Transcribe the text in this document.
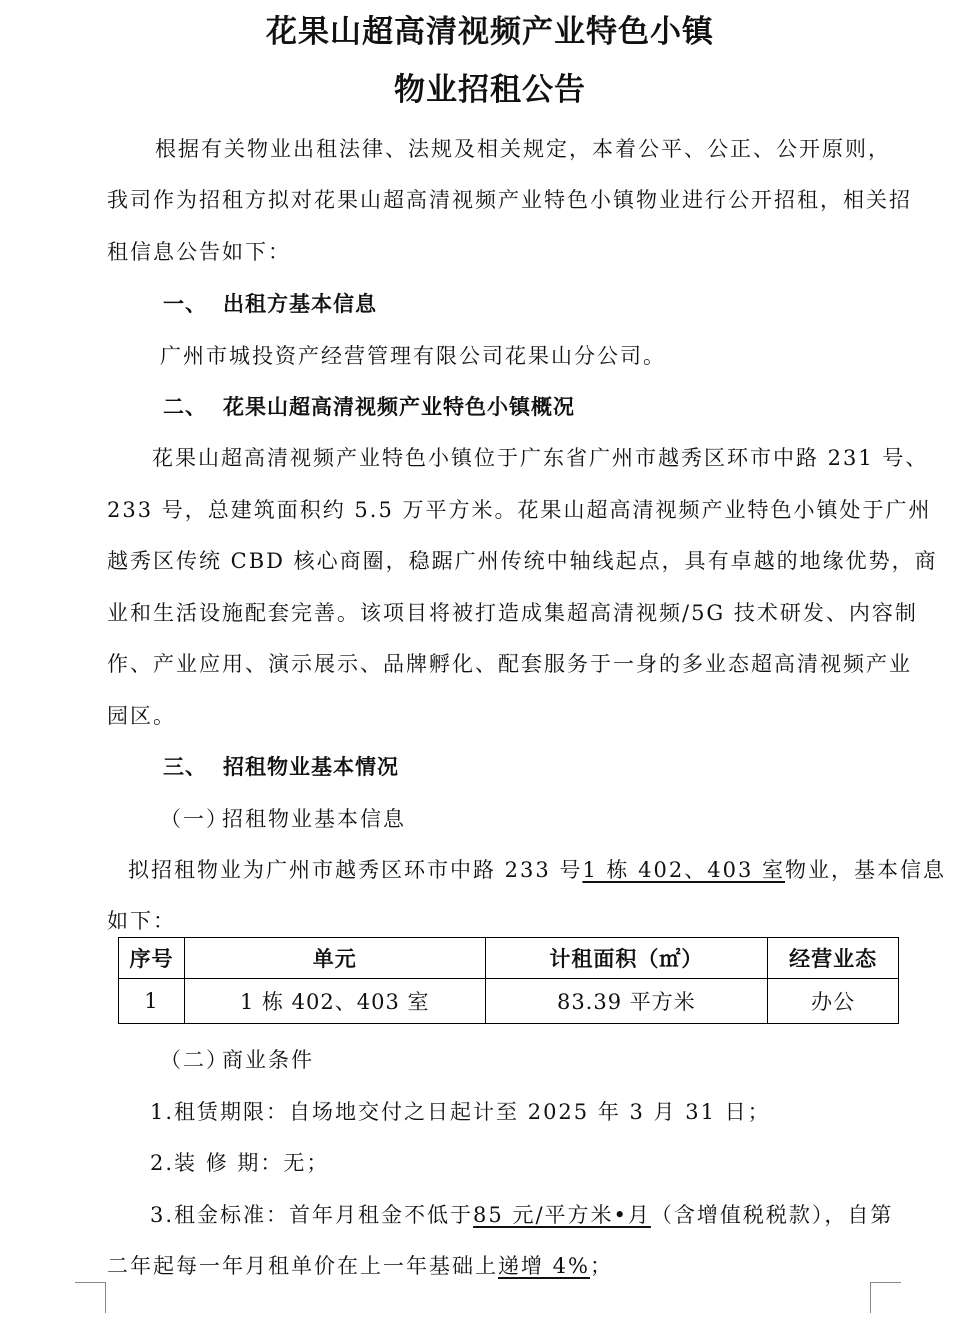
花果山超高清视频产业特色小镇
物业招租公告
根据有关物业出租法律、法规及相关规定，本着公平、公正、公开原则，
我司作为招租方拟对花果山超高清视频产业特色小镇物业进行公开招租，相关招
租信息公告如下：
一、 出租方基本信息
广州市城投资产经营管理有限公司花果山分公司。
二、 花果山超高清视频产业特色小镇概况
花果山超高清视频产业特色小镇位于广东省广州市越秀区环市中路 231 号、
233 号，总建筑面积约 5.5 万平方米。花果山超高清视频产业特色小镇处于广州
越秀区传统 CBD 核心商圈，稳踞广州传统中轴线起点，具有卓越的地缘优势，商
业和生活设施配套完善。该项目将被打造成集超高清视频/5G 技术研发、内容制
作、产业应用、演示展示、品牌孵化、配套服务于一身的多业态超高清视频产业
园区。
三、 招租物业基本情况
（一）招租物业基本信息
拟招租物业为广州市越秀区环市中路 233 号1 栋 402、403 室物业，基本信息
如下：
序号	单元	计租面积（㎡）	经营业态
1	1 栋 402、403 室	83.39 平方米	办公
（二）商业条件
1.租赁期限：自场地交付之日起计至 2025 年 3 月 31 日；
2.装 修 期：无；
3.租金标准：首年月租金不低于85 元/平方米•月（含增值税税款），自第
二年起每一年月租单价在上一年基础上递增 4%；
